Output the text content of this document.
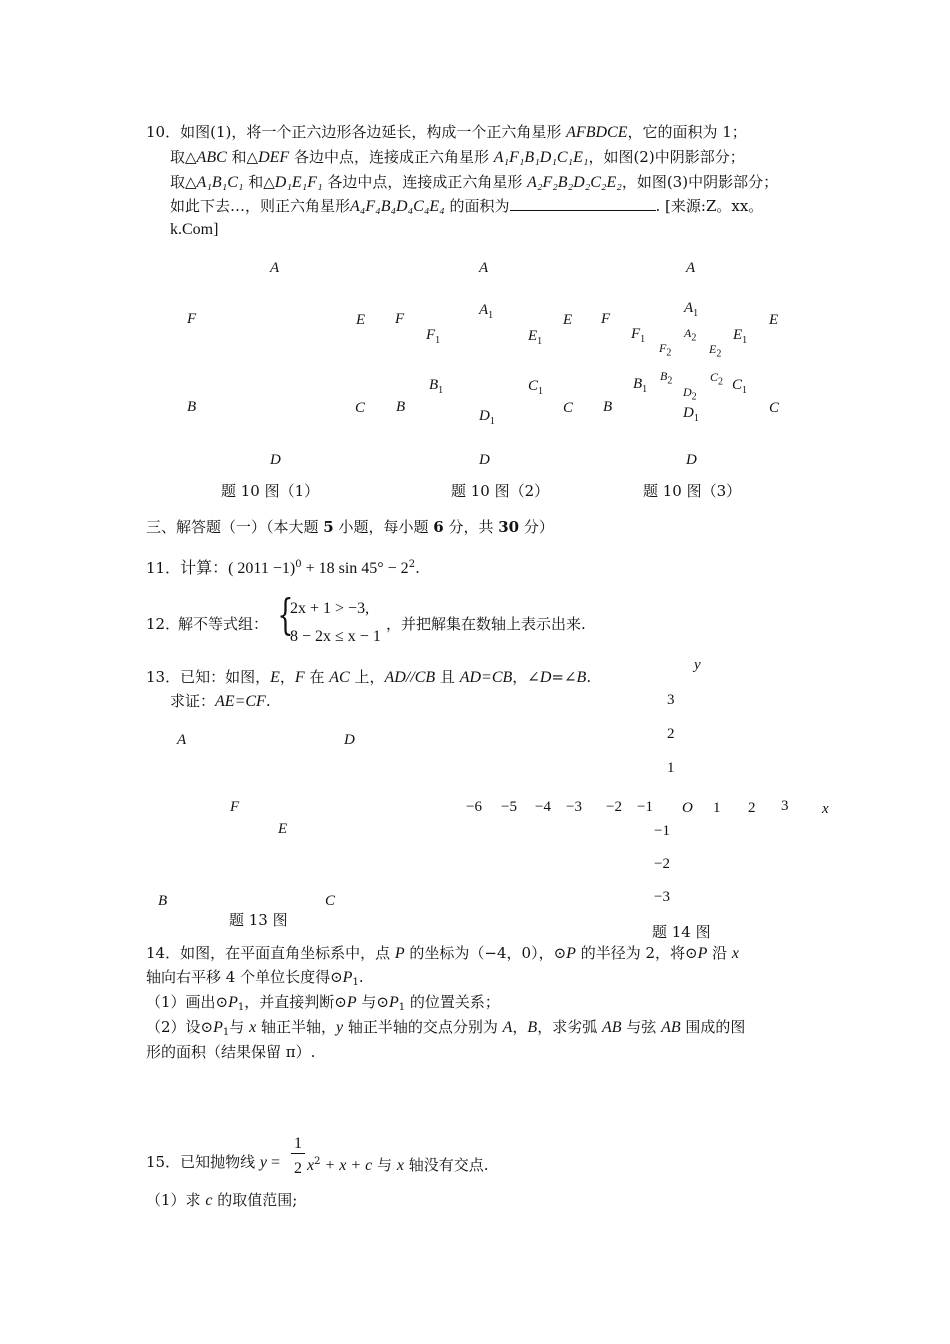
10．如图(1)，将一个正六边形各边延长，构成一个正六角星形 AFBDCE，它的面积为 1；
取△ABC 和△DEF 各边中点，连接成正六角星形 A₁F₁B₁D₁C₁E₁，如图(2)中阴影部分；
取△A₁B₁C₁ 和△D₁E₁F₁ 各边中点，连接成正六角星形 A₂F₂B₂D₂C₂E₂，如图(3)中阴影部分；
如此下去…，则正六角星形A₄F₄B₄D₄C₄E₄ 的面积为	. [来源:Z。xx。
k.Com]
A
F	E
B	C
D
题 10 图（1）
A
F	E
B	C
D
$A_1$
$F_1$	$E_1$
$B_1$	$C_1$
$D_1$
题 10 图（2）
A
F	E
B	C
D
$A_1$
$F_1$	$E_1$
$B_1$	$C_1$
$D_1$
$A_2$
$F_2$	$E_2$
$B_2$	$C_2$
$D_2$
题 10 图（3）
三、解答题（一）（本大题 5 小题，每小题 6 分，共 30 分）
11．计算：( 2011 −1)$^0$ + 18 $\sin 45^\circ - 2^2$.
12．
解不等式组： {
2x + 1 > −3,
8 − 2x ≤ x − 1
，并把解集在数轴上表示出来.
13．已知：如图，E，F 在 AC 上，AD//CB 且 AD=CB，∠D=∠B.
求证：AE=CF.
A	D
F
E
B	C
题 13 图
y
3
2
1
−6 −5 −4 −3 −2 −1 O 1 2 3 x
−1
−2
−3
题 14 图
14．如图，在平面直角坐标系中，点 P 的坐标为（−4，0），⊙P 的半径为 2，将⊙P 沿 x
轴向右平移 4 个单位长度得$⊙P_1$.
（1）画出$⊙P_1$，并直接判断⊙P 与$⊙P_1$ 的位置关系；
（2）设$⊙P_1$与 x 轴正半轴，y 轴正半轴的交点分别为 A，B，求劣弧 AB 与弦 AB 围成的图
形的面积（结果保留 π）.
15．已知抛物线 y =
1
2 $x^2 + x + c$ 与 x 轴没有交点.
（1）求 c 的取值范围;
